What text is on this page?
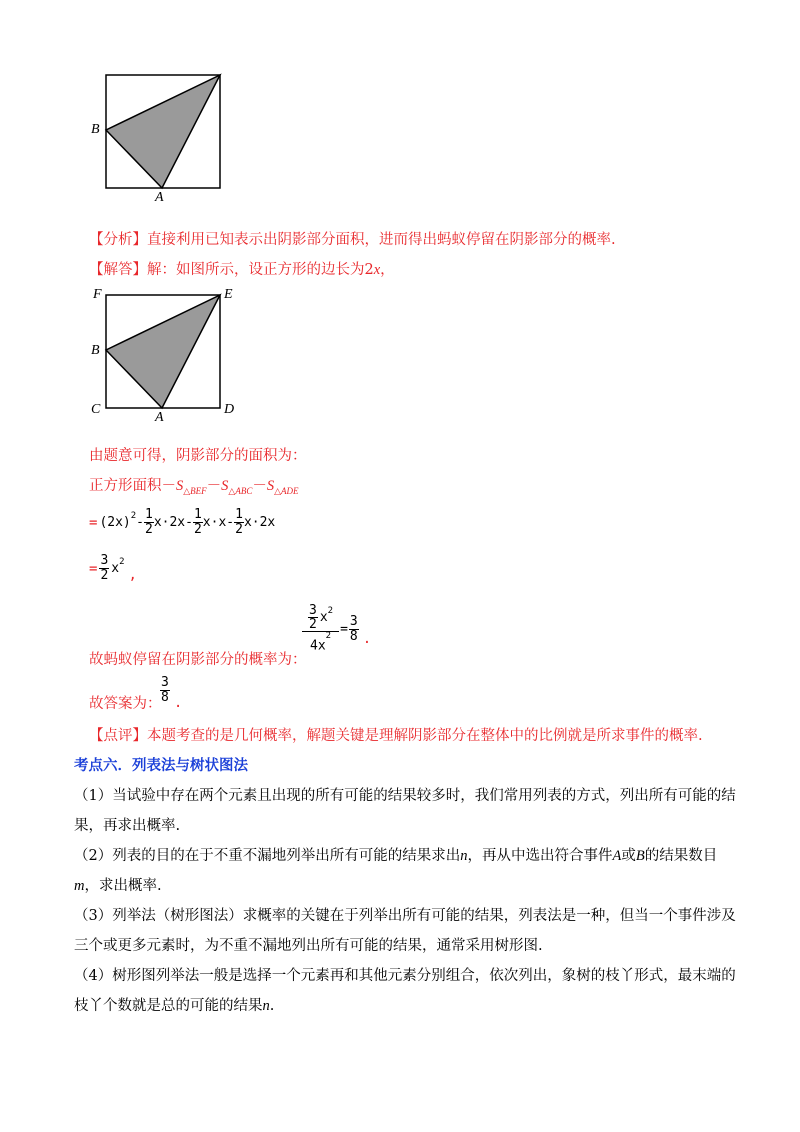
B
A
【分析】直接利用已知表示出阴影部分面积，进而得出蚂蚁停留在阴影部分的概率.
【解答】解：如图所示，设正方形的边长为2x，
F	E
B
C
A
D
由题意可得，阴影部分的面积为：
正方形面积$-S_{\triangle BEF}-S_{\triangle ABC}-S_{\triangle ADE}$
= $(2x)^2 - \frac{1}{2} x\cdot 2x - \frac{1}{2} x\cdot x - \frac{1}{2} x\cdot 2x$
= $\frac{3}{2} x^2$
,
故蚂蚁停留在阴影部分的概率为：
$\frac{\frac{3}{2} x^2}{4x^2} = \frac{3}{8}$ .
故答案为：
$\frac{3}{8}$ .
【点评】本题考查的是几何概率，解题关键是理解阴影部分在整体中的比例就是所求事件的概率.
考点六．列表法与树状图法
（1）当试验中存在两个元素且出现的所有可能的结果较多时，我们常用列表的方式，列出所有可能的结
果，再求出概率.
（2）列表的目的在于不重不漏地列举出所有可能的结果求出n，再从中选出符合事件A或B的结果数目
m，求出概率.
（3）列举法（树形图法）求概率的关键在于列举出所有可能的结果，列表法是一种，但当一个事件涉及
三个或更多元素时，为不重不漏地列出所有可能的结果，通常采用树形图.
（4）树形图列举法一般是选择一个元素再和其他元素分别组合，依次列出，象树的枝丫形式，最末端的
枝丫个数就是总的可能的结果n.
